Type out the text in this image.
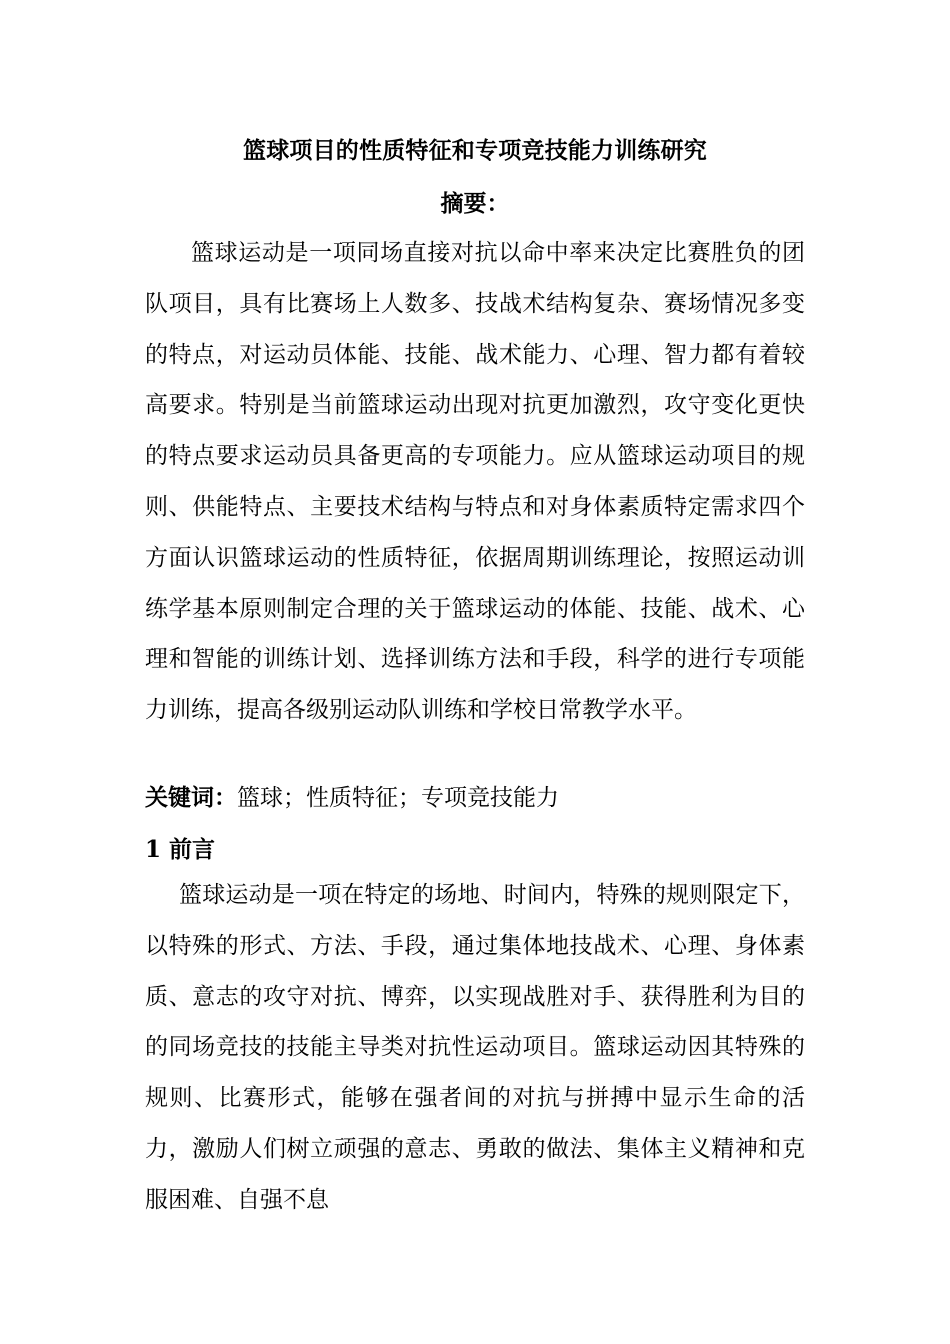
篮球项目的性质特征和专项竞技能力训练研究
摘要：

篮球运动是一项同场直接对抗以命中率来决定比赛胜负的团队项目，具有比赛场上人数多、技战术结构复杂、赛场情况多变的特点，对运动员体能、技能、战术能力、心理、智力都有着较高要求。特别是当前篮球运动出现对抗更加激烈，攻守变化更快的特点要求运动员具备更高的专项能力。应从篮球运动项目的规则、供能特点、主要技术结构与特点和对身体素质特定需求四个方面认识篮球运动的性质特征，依据周期训练理论，按照运动训练学基本原则制定合理的关于篮球运动的体能、技能、战术、心理和智能的训练计划、选择训练方法和手段，科学的进行专项能力训练，提高各级别运动队训练和学校日常教学水平。

关键词：篮球；性质特征；专项竞技能力
1 前言

篮球运动是一项在特定的场地、时间内，特殊的规则限定下，以特殊的形式、方法、手段，通过集体地技战术、心理、身体素质、意志的攻守对抗、博弈，以实现战胜对手、获得胜利为目的的同场竞技的技能主导类对抗性运动项目。篮球运动因其特殊的规则、比赛形式，能够在强者间的对抗与拼搏中显示生命的活力，激励人们树立顽强的意志、勇敢的做法、集体主义精神和克服困难、自强不息
